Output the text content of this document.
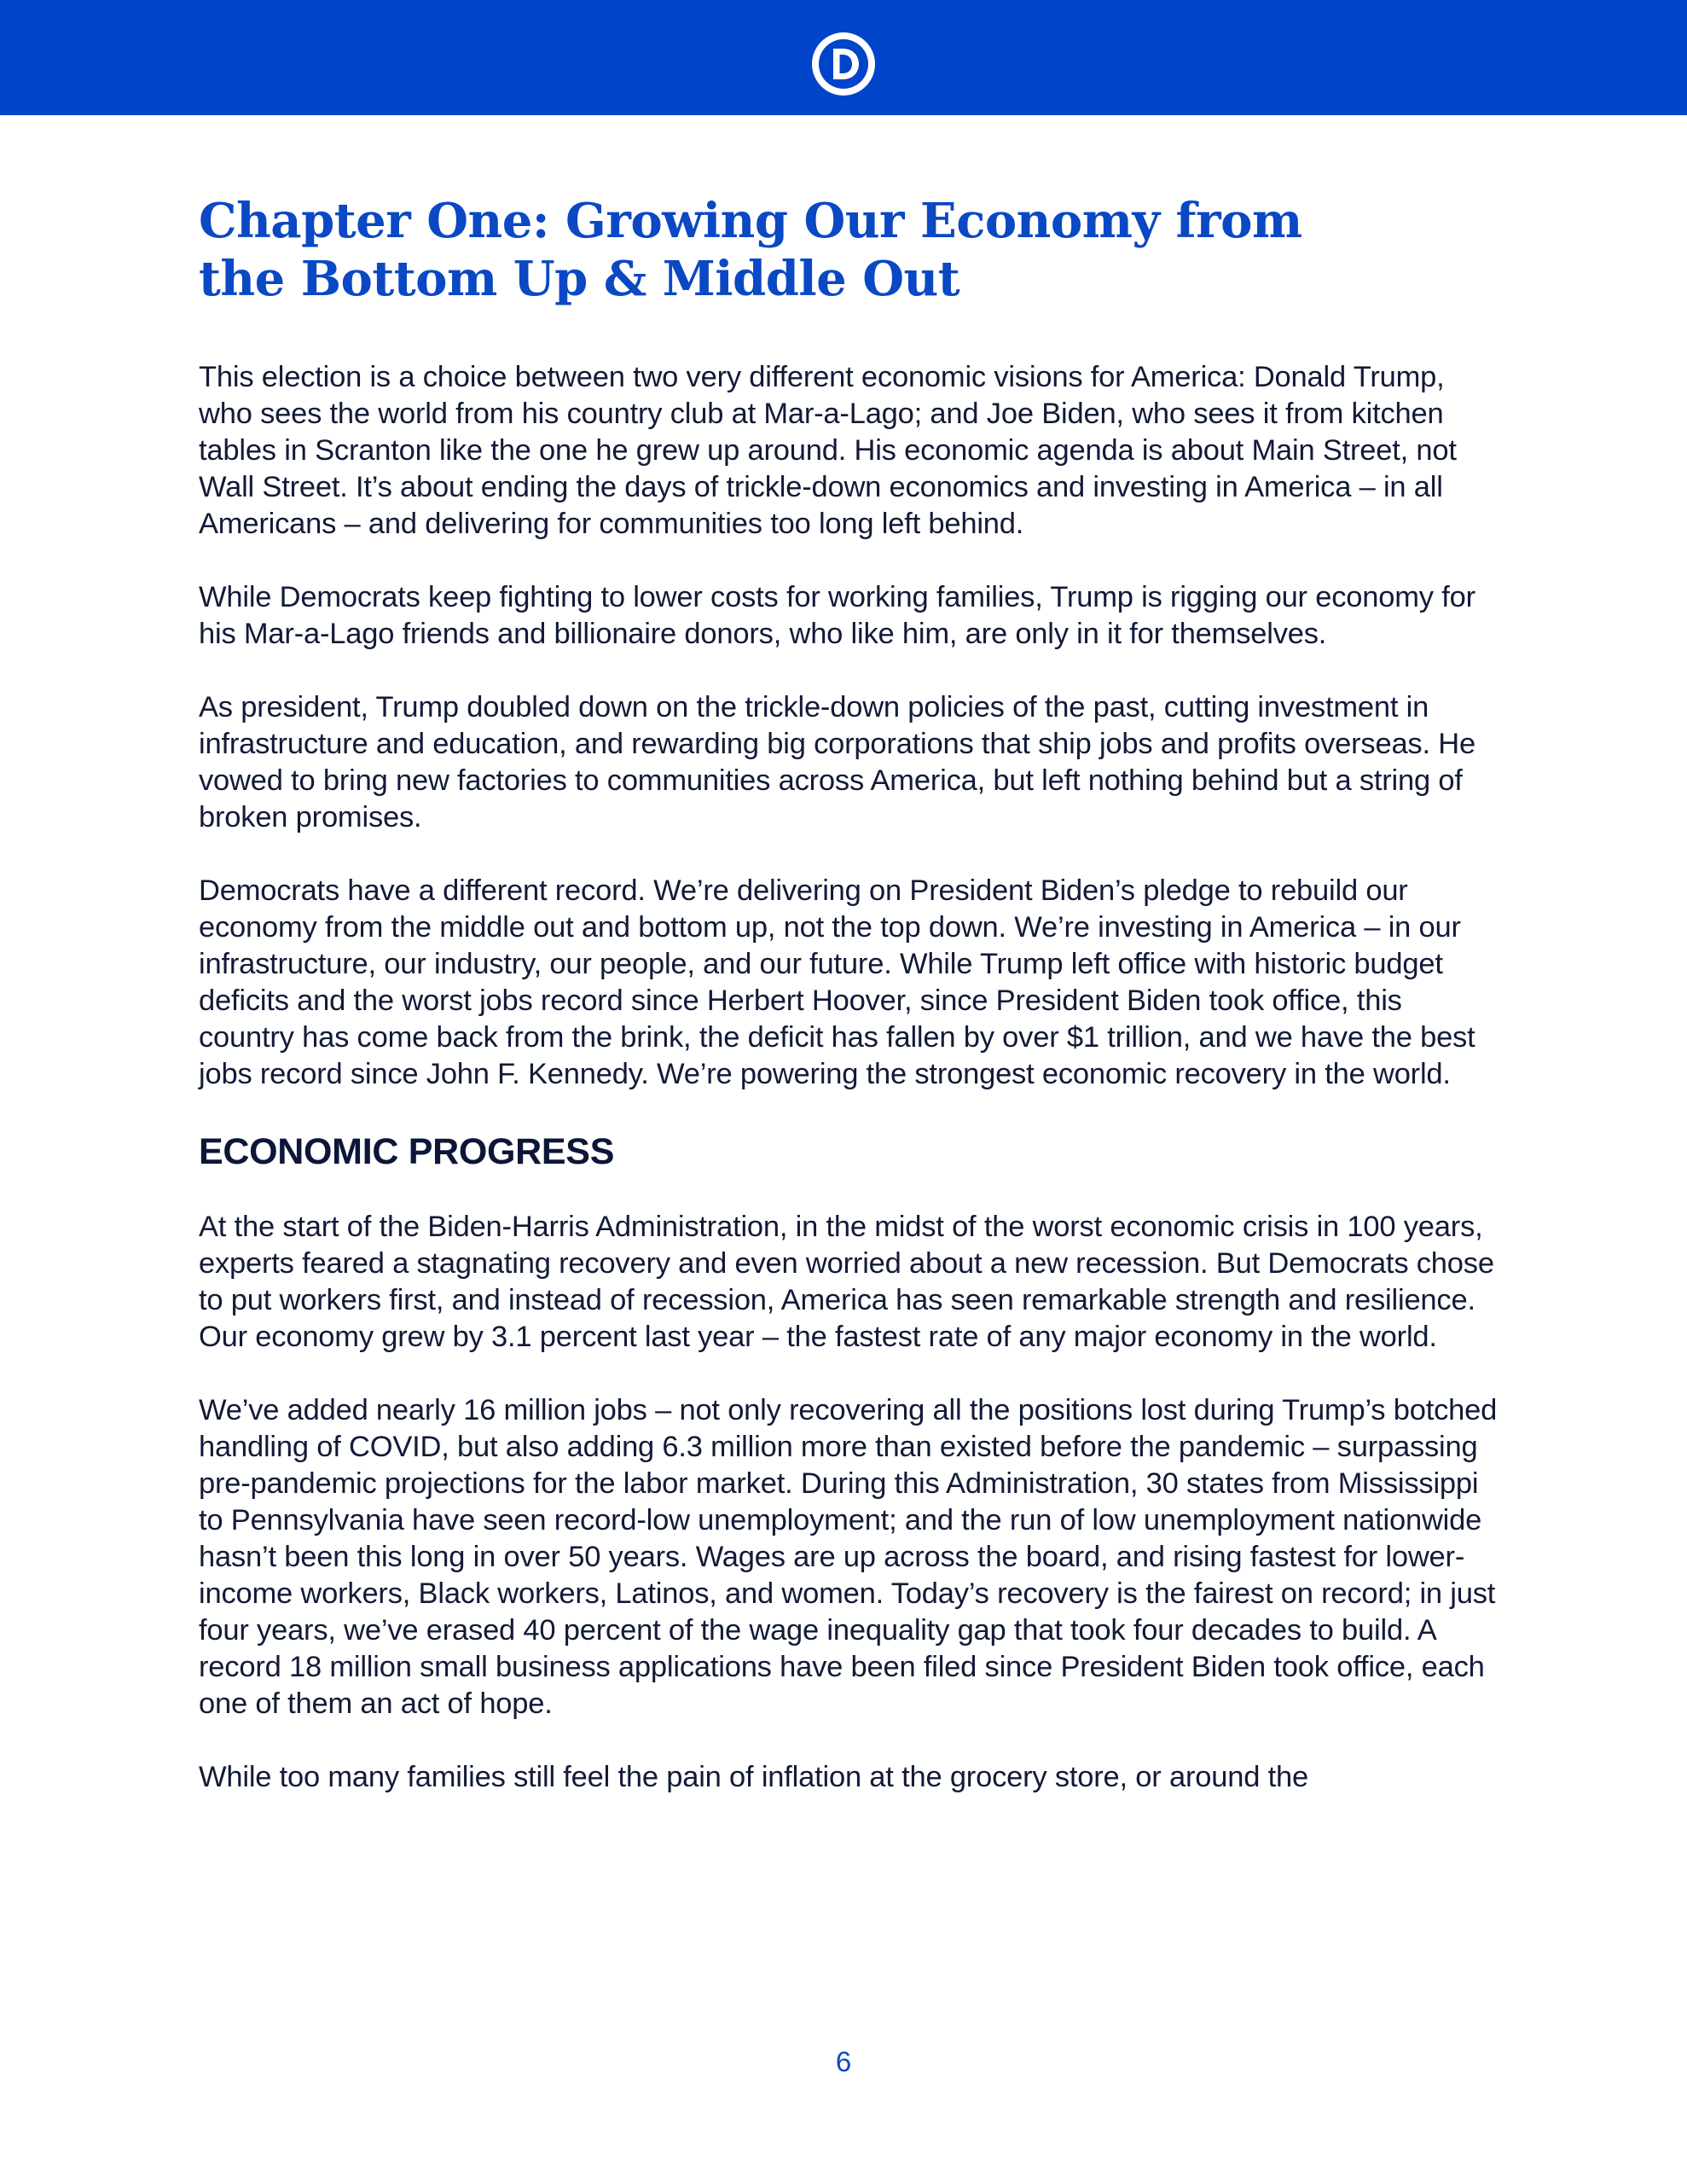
Chapter One: Growing Our Economy from the Bottom Up & Middle Out

This election is a choice between two very different economic visions for America: Donald Trump, who sees the world from his country club at Mar-a-Lago; and Joe Biden, who sees it from kitchen tables in Scranton like the one he grew up around. His economic agenda is about Main Street, not Wall Street. It’s about ending the days of trickle-down economics and investing in America – in all Americans – and delivering for communities too long left behind.

While Democrats keep fighting to lower costs for working families, Trump is rigging our economy for his Mar-a-Lago friends and billionaire donors, who like him, are only in it for themselves.

As president, Trump doubled down on the trickle-down policies of the past, cutting investment in infrastructure and education, and rewarding big corporations that ship jobs and profits overseas. He vowed to bring new factories to communities across America, but left nothing behind but a string of broken promises.

Democrats have a different record. We’re delivering on President Biden’s pledge to rebuild our economy from the middle out and bottom up, not the top down. We’re investing in America – in our infrastructure, our industry, our people, and our future. While Trump left office with historic budget deficits and the worst jobs record since Herbert Hoover, since President Biden took office, this country has come back from the brink, the deficit has fallen by over $1 trillion, and we have the best jobs record since John F. Kennedy. We’re powering the strongest economic recovery in the world.

ECONOMIC PROGRESS

At the start of the Biden-Harris Administration, in the midst of the worst economic crisis in 100 years, experts feared a stagnating recovery and even worried about a new recession. But Democrats chose to put workers first, and instead of recession, America has seen remarkable strength and resilience. Our economy grew by 3.1 percent last year – the fastest rate of any major economy in the world.

We’ve added nearly 16 million jobs – not only recovering all the positions lost during Trump’s botched handling of COVID, but also adding 6.3 million more than existed before the pandemic – surpassing pre-pandemic projections for the labor market. During this Administration, 30 states from Mississippi to Pennsylvania have seen record-low unemployment; and the run of low unemployment nationwide hasn’t been this long in over 50 years. Wages are up across the board, and rising fastest for lower-income workers, Black workers, Latinos, and women. Today’s recovery is the fairest on record; in just four years, we’ve erased 40 percent of the wage inequality gap that took four decades to build. A record 18 million small business applications have been filed since President Biden took office, each one of them an act of hope.

While too many families still feel the pain of inflation at the grocery store, or around the

6
